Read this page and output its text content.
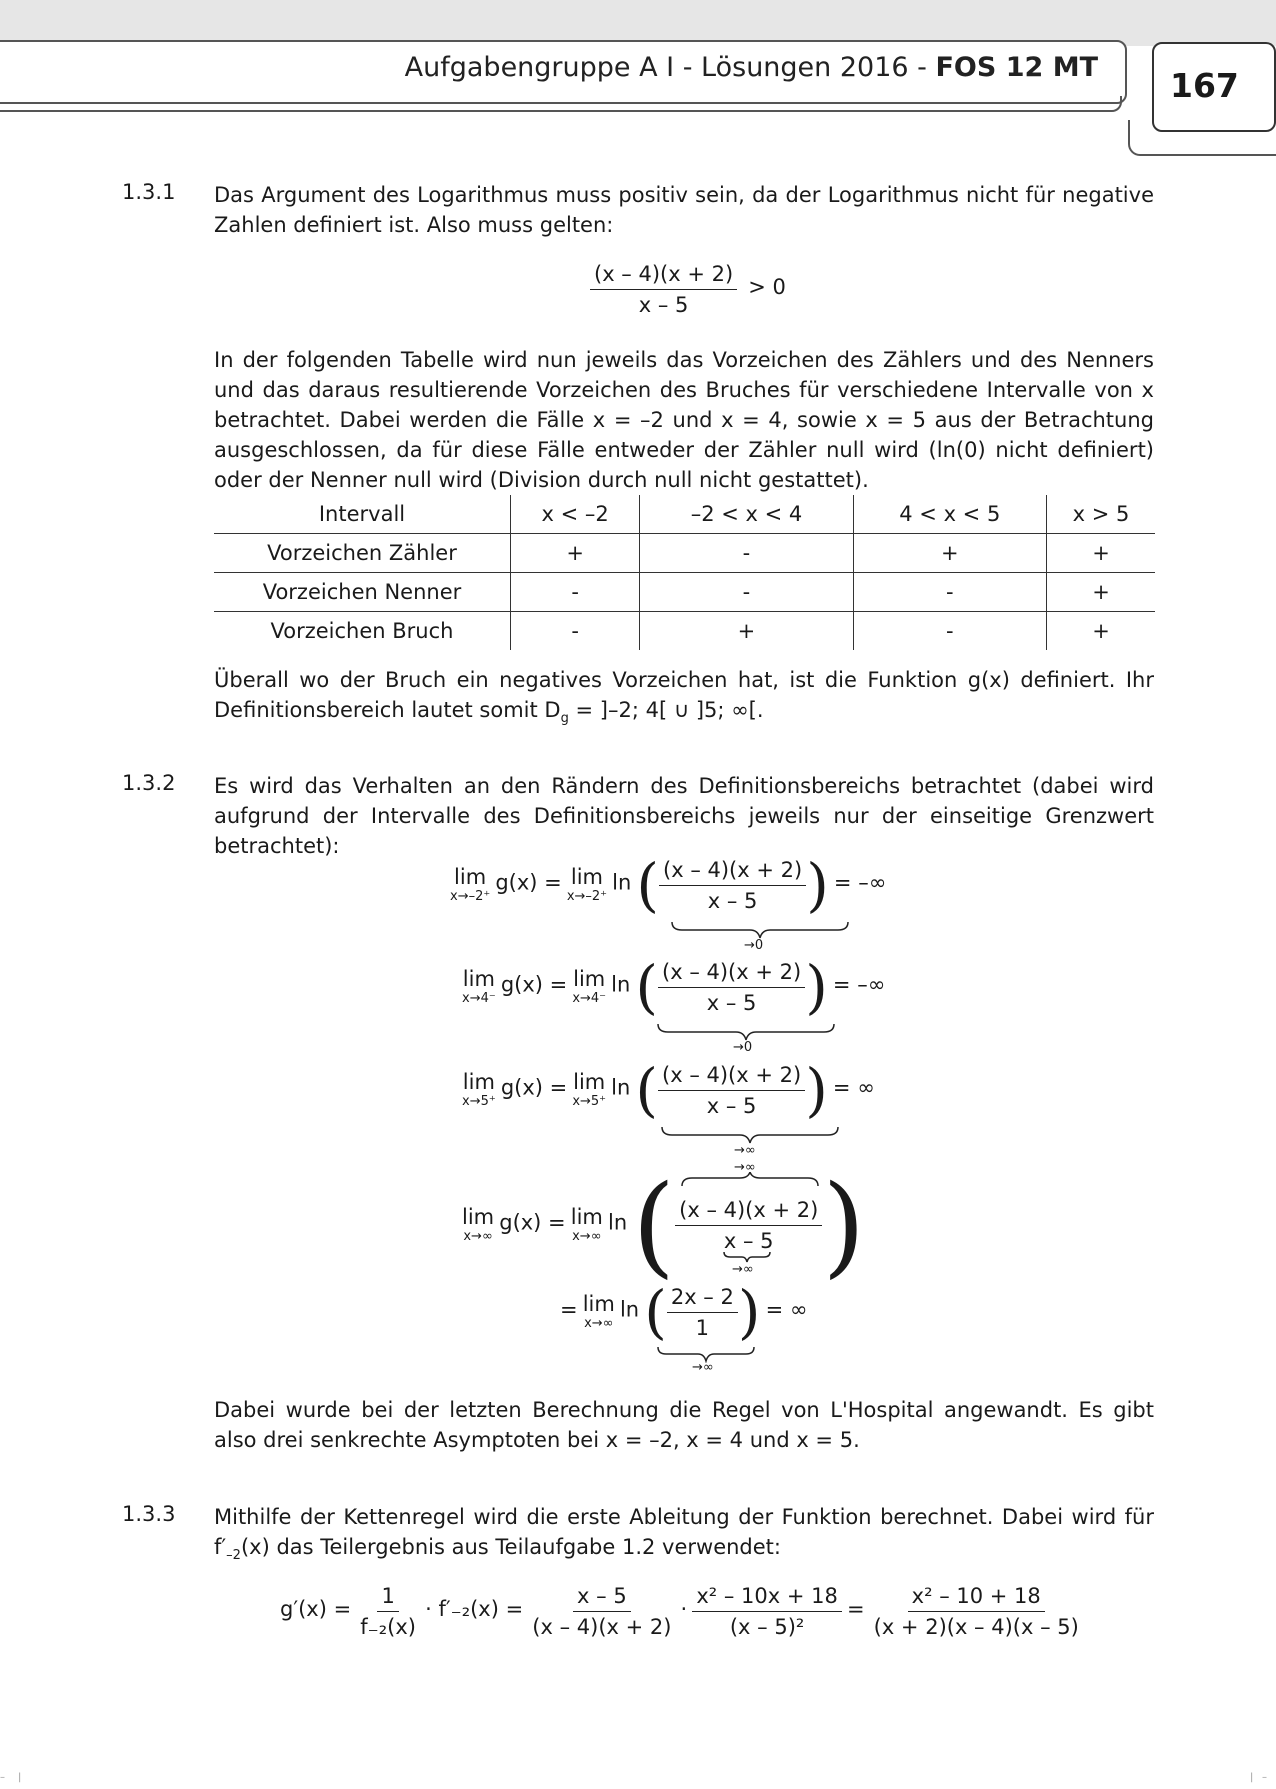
Aufgabengruppe A I - Lösungen 2016 - FOS 12 MT 167
1.3.1 Das Argument des Logarithmus muss positiv sein, da der Logarithmus nicht für negative Zahlen definiert ist. Also muss gelten:
$\frac{(x - 4)(x + 2)}{x - 5} > 0$
In der folgenden Tabelle wird nun jeweils das Vorzeichen des Zählers und des Nenners und das daraus resultierende Vorzeichen des Bruches für verschiedene Intervalle von x betrachtet. Dabei werden die Fälle x = –2 und x = 4, sowie x = 5 aus der Betrachtung ausgeschlossen, da für diese Fälle entweder der Zähler null wird (ln(0) nicht definiert) oder der Nenner null wird (Division durch null nicht gestattet).
Intervall	x < –2	–2 < x < 4	4 < x < 5	x > 5
Vorzeichen Zähler	+	-	+	+
Vorzeichen Nenner	-	-	-	+
Vorzeichen Bruch	-	+	-	+
Überall wo der Bruch ein negatives Vorzeichen hat, ist die Funktion g(x) definiert. Ihr Definitionsbereich lautet somit $D_g = ]-2$; 4[ ∪ ]5; ∞[.
1.3.2 Es wird das Verhalten an den Rändern des Definitionsbereichs betrachtet (dabei wird aufgrund der Intervalle des Definitionsbereichs jeweils nur der einseitige Grenzwert betrachtet):
lim
x→–2⁺
g(x) = lim
x→–2⁺
ln ( $\frac{(x - 4)(x + 2)}{x - 5}$ ) = –∞
→0
lim
x→4⁻
g(x) = lim
x→4⁻
ln ( $\frac{(x - 4)(x + 2)}{x - 5}$ ) = –∞
→0
lim
x→5⁺
g(x) = lim
x→5⁺
ln ( $\frac{(x - 4)(x + 2)}{x - 5}$ ) = ∞
→∞
→∞
lim
x→∞
g(x) = lim
x→∞
ln ( $\frac{(x - 4)(x + 2)}{x - 5}$ )
→∞
= lim
x→∞
ln ( $\frac{2x - 2}{1}$ ) = ∞
→∞
Dabei wurde bei der letzten Berechnung die Regel von L'Hospital angewandt. Es gibt also drei senkrechte Asymptoten bei x = –2, x = 4 und x = 5.
1.3.3 Mithilfe der Kettenregel wird die erste Ableitung der Funktion berechnet. Dabei wird für $f'_{-2}(x)$ das Teilergebnis aus Teilaufgabe 1.2 verwendet:
$g'(x) = \frac{1}{\text{f₋₂(x)}} \cdot f'_{-2}(x) = \frac{x - 5}{(x - 4)(x + 2)} \cdot \frac{\text{x² – 10x + 18}}{\text{(x – 5)²}} = \frac{\text{x² – 10 + 18}}{(x + 2)(x - 4)(x - 5)}$
– |	–
|
